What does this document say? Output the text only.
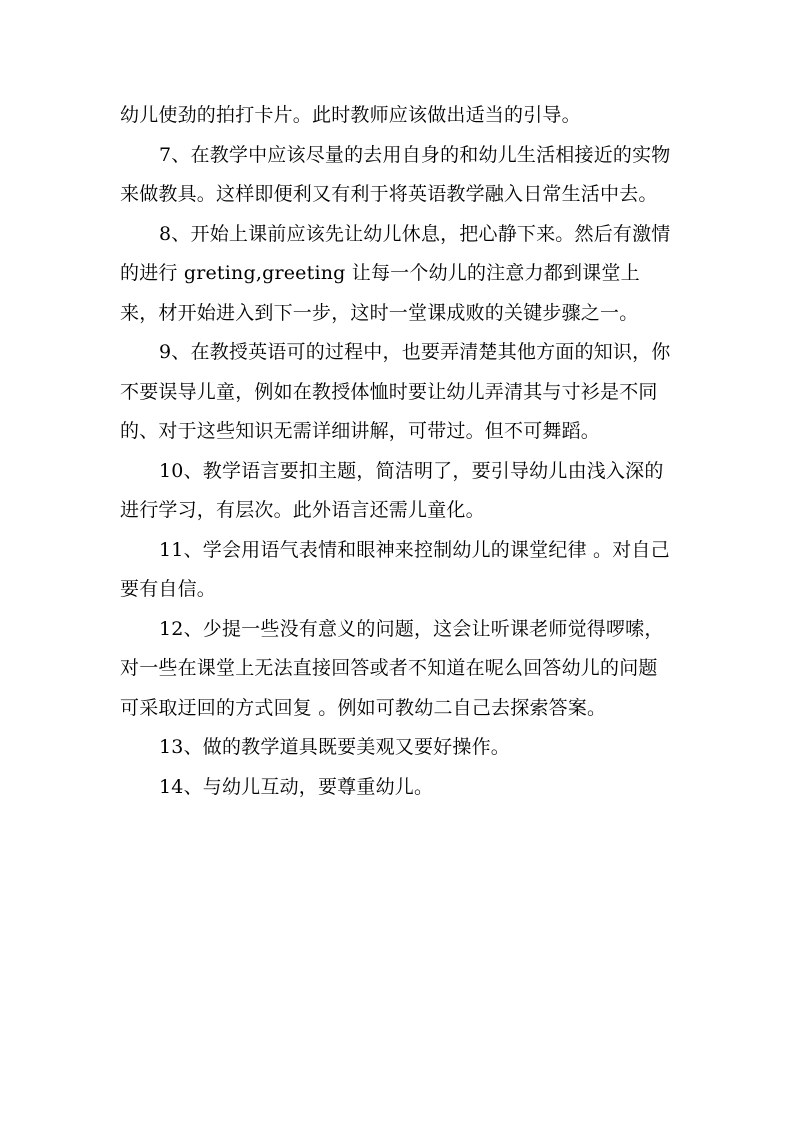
幼儿使劲的拍打卡片。此时教师应该做出适当的引导。

7、在教学中应该尽量的去用自身的和幼儿生活相接近的实物来做教具。这样即便利又有利于将英语教学融入日常生活中去。

8、开始上课前应该先让幼儿休息，把心静下来。然后有激情的进行 greting,greeting 让每一个幼儿的注意力都到课堂上来，材开始进入到下一步，这时一堂课成败的关键步骤之一。

9、在教授英语可的过程中，也要弄清楚其他方面的知识，你不要误导儿童，例如在教授体恤时要让幼儿弄清其与寸衫是不同的、对于这些知识无需详细讲解，可带过。但不可舞蹈。

10、教学语言要扣主题，简洁明了，要引导幼儿由浅入深的进行学习，有层次。此外语言还需儿童化。

11、学会用语气表情和眼神来控制幼儿的课堂纪律 。对自己要有自信。

12、少提一些没有意义的问题，这会让听课老师觉得啰嗦，对一些在课堂上无法直接回答或者不知道在呢么回答幼儿的问题可采取迂回的方式回复 。例如可教幼二自己去探索答案。

13、做的教学道具既要美观又要好操作。

14、与幼儿互动，要尊重幼儿。
